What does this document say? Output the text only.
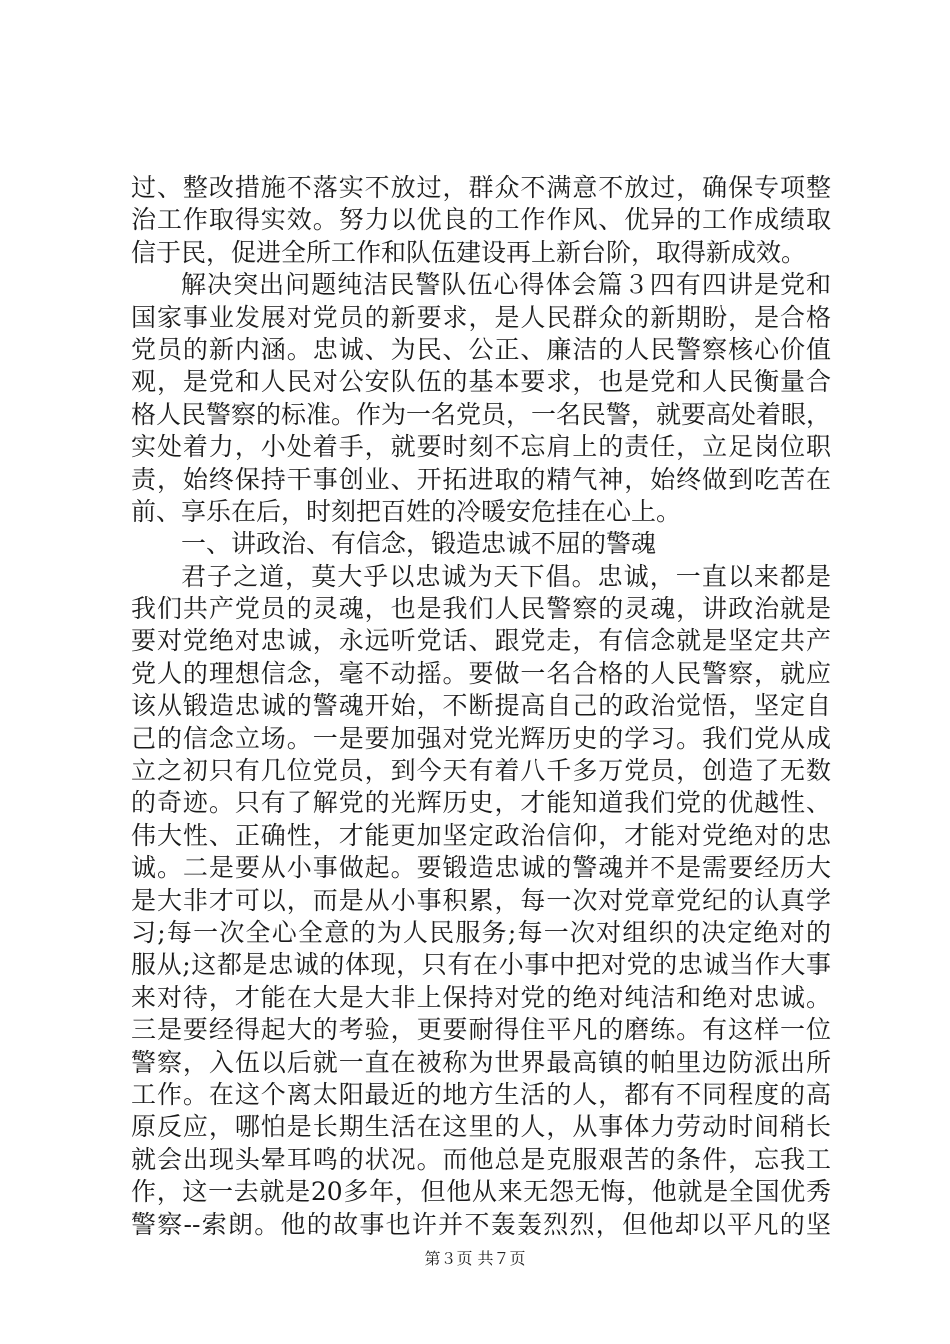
过、整改措施不落实不放过，群众不满意不放过，确保专项整
治工作取得实效。努力以优良的工作作风、优异的工作成绩取
信于民，促进全所工作和队伍建设再上新台阶，取得新成效。
解决突出问题纯洁民警队伍心得体会篇３四有四讲是党和
国家事业发展对党员的新要求，是人民群众的新期盼，是合格
党员的新内涵。忠诚、为民、公正、廉洁的人民警察核心价值
观，是党和人民对公安队伍的基本要求，也是党和人民衡量合
格人民警察的标准。作为一名党员，一名民警，就要高处着眼，
实处着力，小处着手，就要时刻不忘肩上的责任，立足岗位职
责，始终保持干事创业、开拓进取的精气神，始终做到吃苦在
前、享乐在后，时刻把百姓的冷暖安危挂在心上。
一、讲政治、有信念，锻造忠诚不屈的警魂
君子之道，莫大乎以忠诚为天下倡。忠诚，一直以来都是
我们共产党员的灵魂，也是我们人民警察的灵魂，讲政治就是
要对党绝对忠诚，永远听党话、跟党走，有信念就是坚定共产
党人的理想信念，毫不动摇。要做一名合格的人民警察，就应
该从锻造忠诚的警魂开始，不断提高自己的政治觉悟，坚定自
己的信念立场。一是要加强对党光辉历史的学习。我们党从成
立之初只有几位党员，到今天有着八千多万党员，创造了无数
的奇迹。只有了解党的光辉历史，才能知道我们党的优越性、
伟大性、正确性，才能更加坚定政治信仰，才能对党绝对的忠
诚。二是要从小事做起。要锻造忠诚的警魂并不是需要经历大
是大非才可以，而是从小事积累，每一次对党章党纪的认真学
习;每一次全心全意的为人民服务;每一次对组织的决定绝对的
服从;这都是忠诚的体现，只有在小事中把对党的忠诚当作大事
来对待，才能在大是大非上保持对党的绝对纯洁和绝对忠诚。
三是要经得起大的考验，更要耐得住平凡的磨练。有这样一位
警察，入伍以后就一直在被称为世界最高镇的帕里边防派出所
工作。在这个离太阳最近的地方生活的人，都有不同程度的高
原反应，哪怕是长期生活在这里的人，从事体力劳动时间稍长
就会出现头晕耳鸣的状况。而他总是克服艰苦的条件，忘我工
作，这一去就是20多年，但他从来无怨无悔，他就是全国优秀
警察--索朗。他的故事也许并不轰轰烈烈，但他却以平凡的坚
第３页 共７页
